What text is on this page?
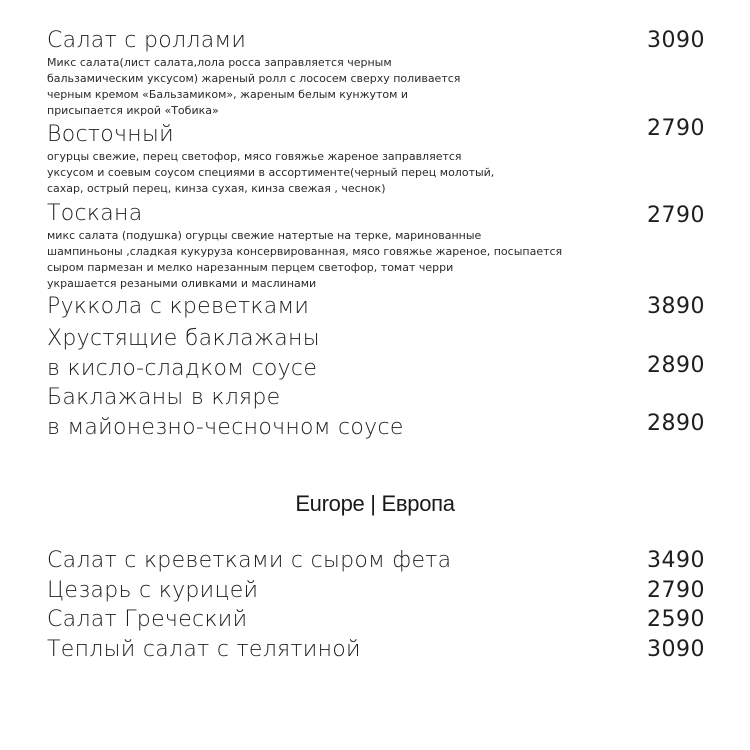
Салат с роллами	3090
Микс салата(лист салата,лола росса заправляется черным
бальзамическим уксусом) жареный ролл с лососем сверху поливается
черным кремом «Бальзамиком», жареным белым кунжутом и
присыпается икрой «Тобика»
Восточный	2790
огурцы свежие, перец светофор, мясо говяжье жареное заправляется
уксусом и соевым соусом специями в ассортименте(черный перец молотый,
сахар, острый перец, кинза сухая, кинза свежая , чеснок)
Тоскана	2790
микс салата (подушка) огурцы свежие натертые на терке, маринованные
шампиньоны ,сладкая кукуруза консервированная, мясо говяжье жареное, посыпается
сыром пармезан и мелко нарезанным перцем светофор, томат черри
украшается резаными оливками и маслинами
Руккола с креветками	3890
Хрустящие баклажаны
в кисло-сладком соусе	2890
Баклажаны в кляре
в майонезно-чесночном соусе	2890
Europe | Европа
Салат с креветками с сыром фета	3490
Цезарь с курицей	2790
Салат Греческий	2590
Теплый салат с телятиной	3090
